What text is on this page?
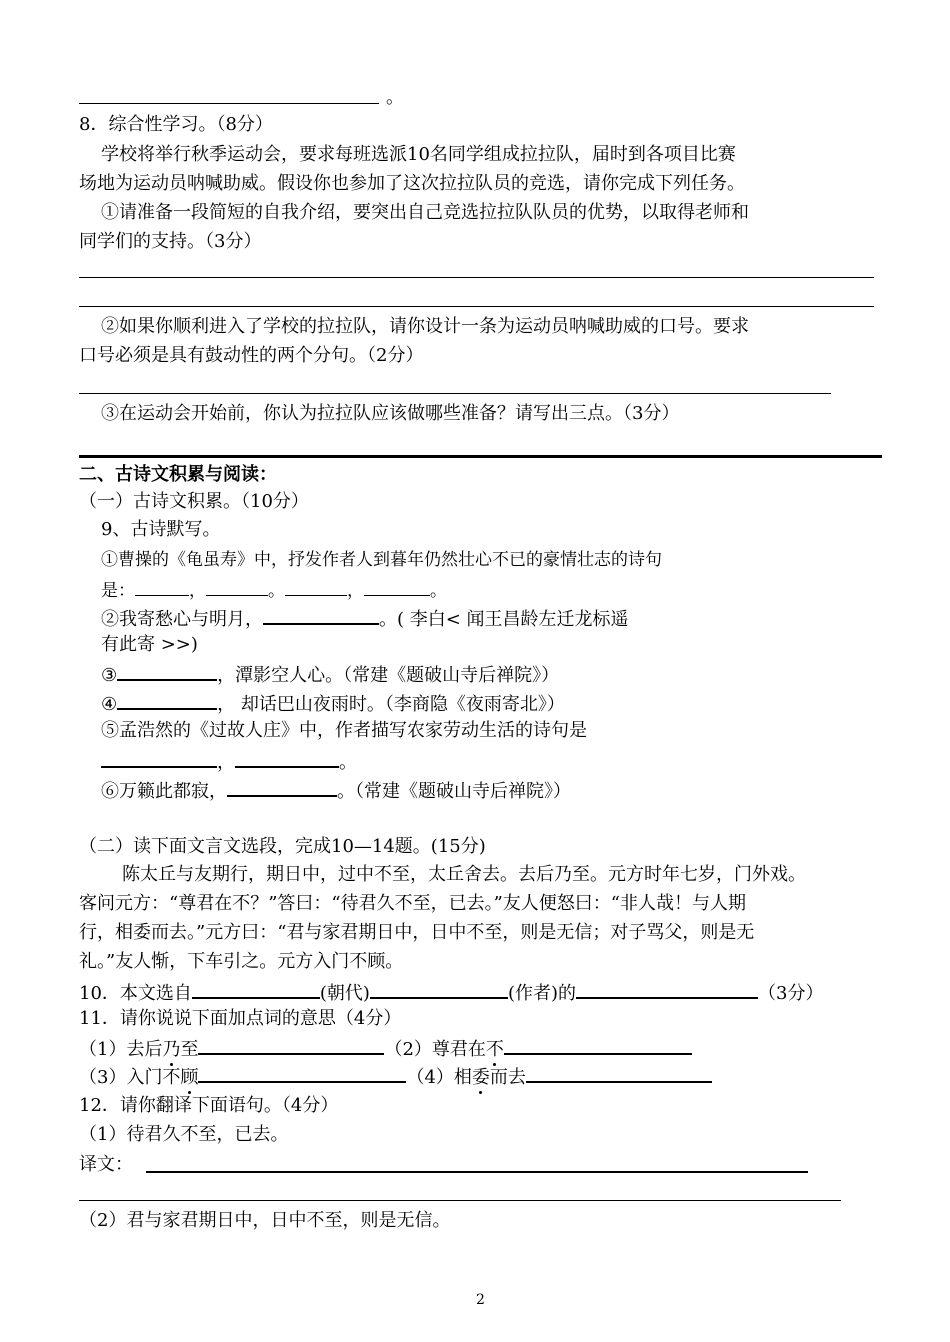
。
8．综合性学习。（8分）
学校将举行秋季运动会，要求每班选派10名同学组成拉拉队，届时到各项目比赛
场地为运动员呐喊助威。假设你也参加了这次拉拉队员的竞选，请你完成下列任务。
①请准备一段简短的自我介绍，要突出自己竞选拉拉队队员的优势，以取得老师和
同学们的支持。（3分）
②如果你顺利进入了学校的拉拉队，请你设计一条为运动员呐喊助威的口号。要求
口号必须是具有鼓动性的两个分句。（2分）
③在运动会开始前，你认为拉拉队应该做哪些准备？请写出三点。（3分）
二、古诗文积累与阅读：
（一）古诗文积累。（10分）
9、古诗默写。
①曹操的《龟虽寿》中，抒发作者人到暮年仍然壮心不已的豪情壮志的诗句
是：	，	。	，	。
②我寄愁心与明月，	。( 李白< 闻王昌龄左迁龙标遥
有此寄 >>)
③	，潭影空人心。（常建《题破山寺后禅院》）
④	， 却话巴山夜雨时。（李商隐《夜雨寄北》）
⑤孟浩然的《过故人庄》中，作者描写农家劳动生活的诗句是
，	。
⑥万籁此都寂，	。（常建《题破山寺后禅院》）
（二）读下面文言文选段，完成10—14题。(15分)
陈太丘与友期行，期日中，过中不至，太丘舍去。去后乃至。元方时年七岁，门外戏。
客问元方：“尊君在不？”答曰：“待君久不至，已去。”友人便怒曰：“非人哉！与人期
行，相委而去。”元方曰：“君与家君期日中，日中不至，则是无信；对子骂父，则是无
礼。”友人惭，下车引之。元方入门不顾。
10．本文选自	(朝代)	(作者)的	（3分）
11．请你说说下面加点词的意思（4分）
（1）去后乃至	（2）尊君在不
（3）入门不顾	（4）相委而去
12．请你翻译下面语句。（4分）
（1）待君久不至，已去。
译文：
（2）君与家君期日中，日中不至，则是无信。
2
